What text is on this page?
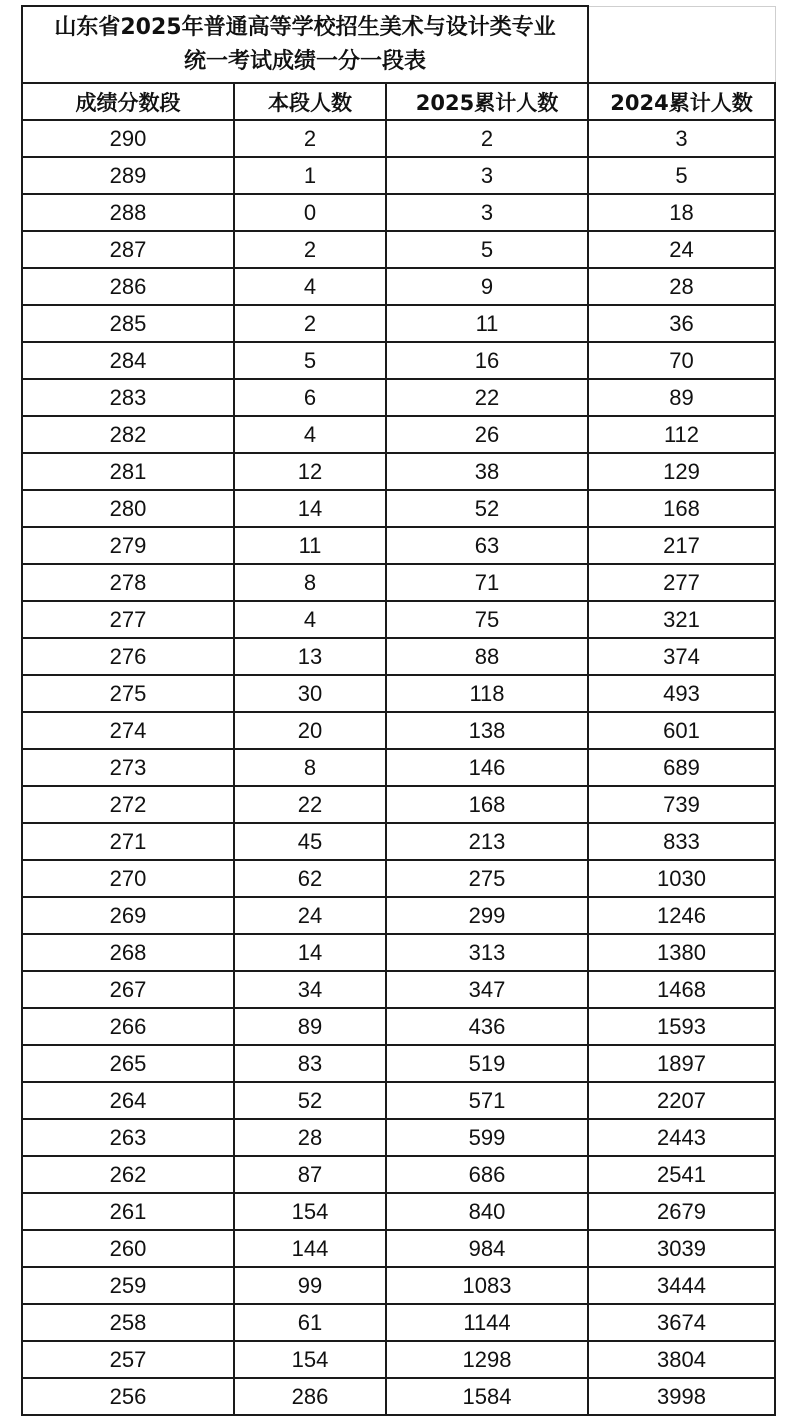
山东省2025年普通高等学校招生美术与设计类专业
统一考试成绩一分一段表			

成绩分数段	本段人数	2025累计人数	2024累计人数
290	2	2	3
289	1	3	5
288	0	3	18
287	2	5	24
286	4	9	28
285	2	11	36
284	5	16	70
283	6	22	89
282	4	26	112
281	12	38	129
280	14	52	168
279	11	63	217
278	8	71	277
277	4	75	321
276	13	88	374
275	30	118	493
274	20	138	601
273	8	146	689
272	22	168	739
271	45	213	833
270	62	275	1030
269	24	299	1246
268	14	313	1380
267	34	347	1468
266	89	436	1593
265	83	519	1897
264	52	571	2207
263	28	599	2443
262	87	686	2541
261	154	840	2679
260	144	984	3039
259	99	1083	3444
258	61	1144	3674
257	154	1298	3804
256	286	1584	3998
